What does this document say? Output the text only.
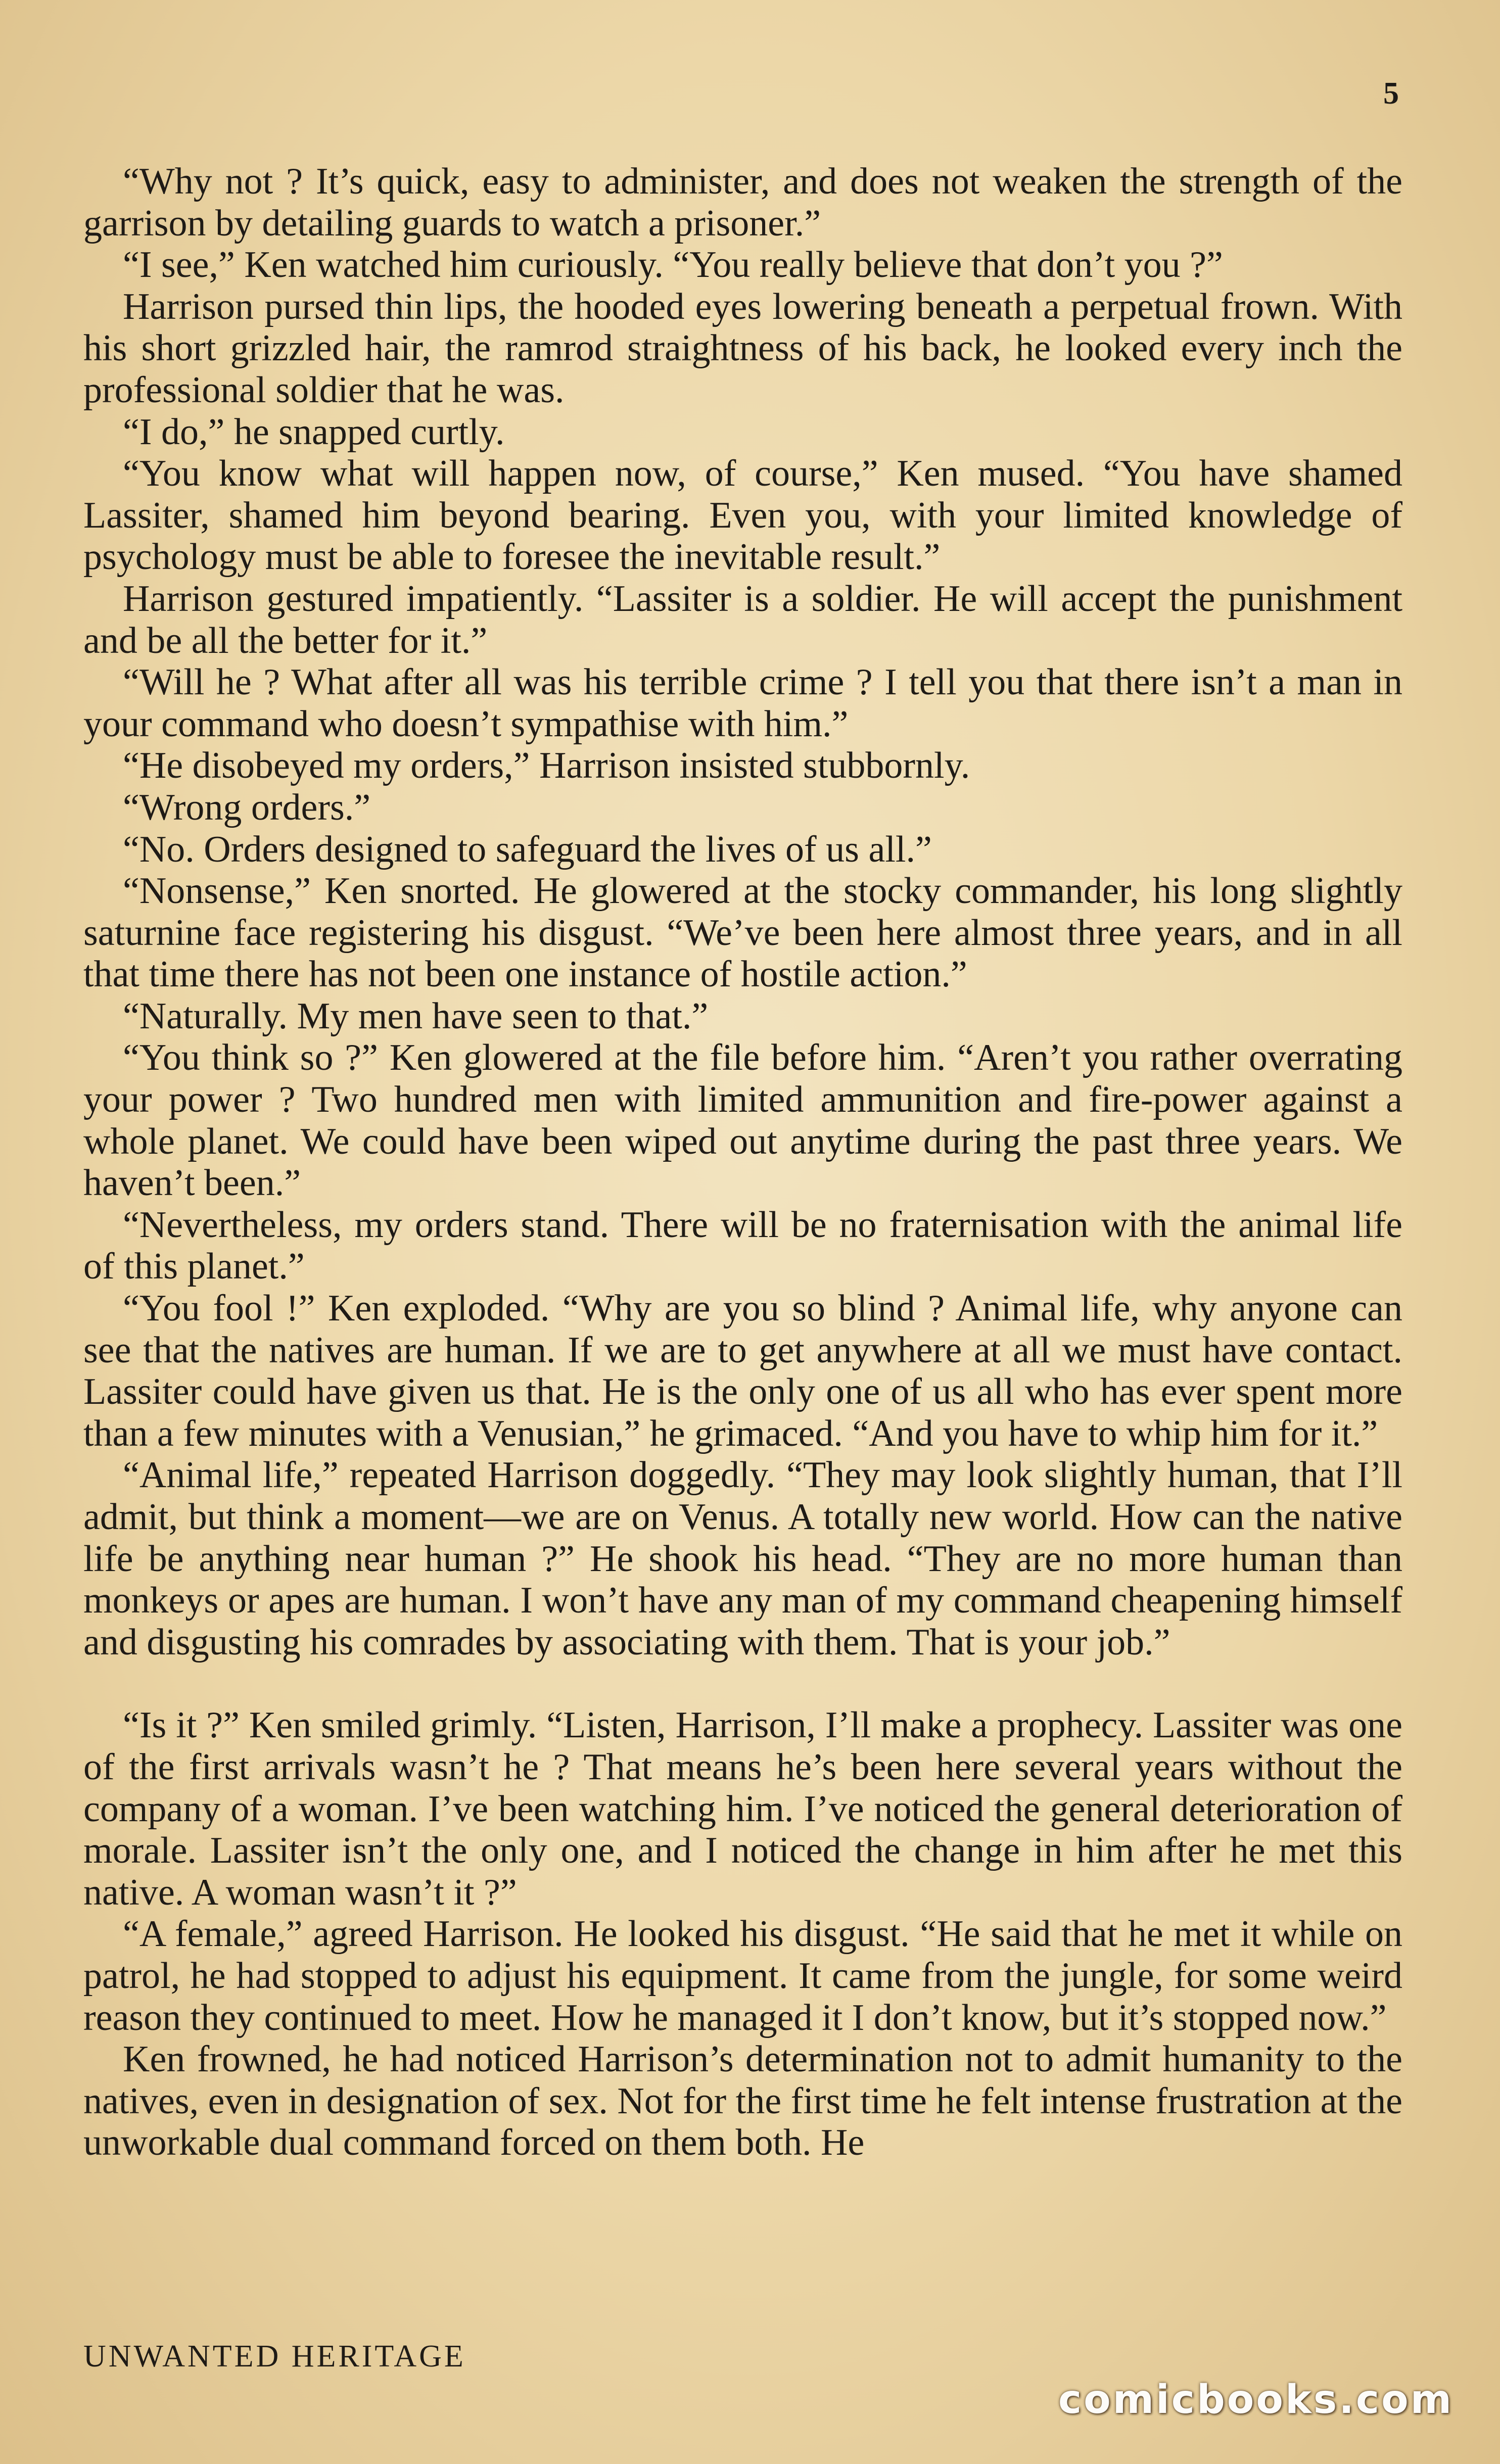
5

“Why not ? It’s quick, easy to administer, and does not weaken the strength of the garrison by detailing guards to watch a prisoner.”

“I see,” Ken watched him curiously. “You really believe that don’t you ?”

Harrison pursed thin lips, the hooded eyes lowering beneath a perpetual frown. With his short grizzled hair, the ramrod straightness of his back, he looked every inch the professional soldier that he was.

“I do,” he snapped curtly.

“You know what will happen now, of course,” Ken mused. “You have shamed Lassiter, shamed him beyond bearing. Even you, with your limited knowledge of psychology must be able to foresee the inevitable result.”

Harrison gestured impatiently. “Lassiter is a soldier. He will accept the punishment and be all the better for it.”

“Will he ? What after all was his terrible crime ? I tell you that there isn’t a man in your command who doesn’t sympathise with him.”

“He disobeyed my orders,” Harrison insisted stubbornly.

“Wrong orders.”

“No. Orders designed to safeguard the lives of us all.”

“Nonsense,” Ken snorted. He glowered at the stocky commander, his long slightly saturnine face registering his disgust. “We’ve been here almost three years, and in all that time there has not been one instance of hostile action.”

“Naturally. My men have seen to that.”

“You think so ?” Ken glowered at the file before him. “Aren’t you rather overrating your power ? Two hundred men with limited ammunition and fire-power against a whole planet. We could have been wiped out anytime during the past three years. We haven’t been.”

“Nevertheless, my orders stand. There will be no fraternisation with the animal life of this planet.”

“You fool !” Ken exploded. “Why are you so blind ? Animal life, why anyone can see that the natives are human. If we are to get anywhere at all we must have contact. Lassiter could have given us that. He is the only one of us all who has ever spent more than a few minutes with a Venusian,” he grimaced. “And you have to whip him for it.”

“Animal life,” repeated Harrison doggedly. “They may look slightly human, that I’ll admit, but think a moment—we are on Venus. A totally new world. How can the native life be anything near human ?” He shook his head. “They are no more human than monkeys or apes are human. I won’t have any man of my command cheapening himself and disgusting his comrades by associating with them. That is your job.”

“Is it ?” Ken smiled grimly. “Listen, Harrison, I’ll make a prophecy. Lassiter was one of the first arrivals wasn’t he ? That means he’s been here several years without the company of a woman. I’ve been watching him. I’ve noticed the general deterioration of morale. Lassiter isn’t the only one, and I noticed the change in him after he met this native. A woman wasn’t it ?”

“A female,” agreed Harrison. He looked his disgust. “He said that he met it while on patrol, he had stopped to adjust his equipment. It came from the jungle, for some weird reason they continued to meet. How he managed it I don’t know, but it’s stopped now.”

Ken frowned, he had noticed Harrison’s determination not to admit humanity to the natives, even in designation of sex. Not for the first time he felt intense frustration at the unworkable dual command forced on them both. He

UNWANTED HERITAGE

comicbooks.com
